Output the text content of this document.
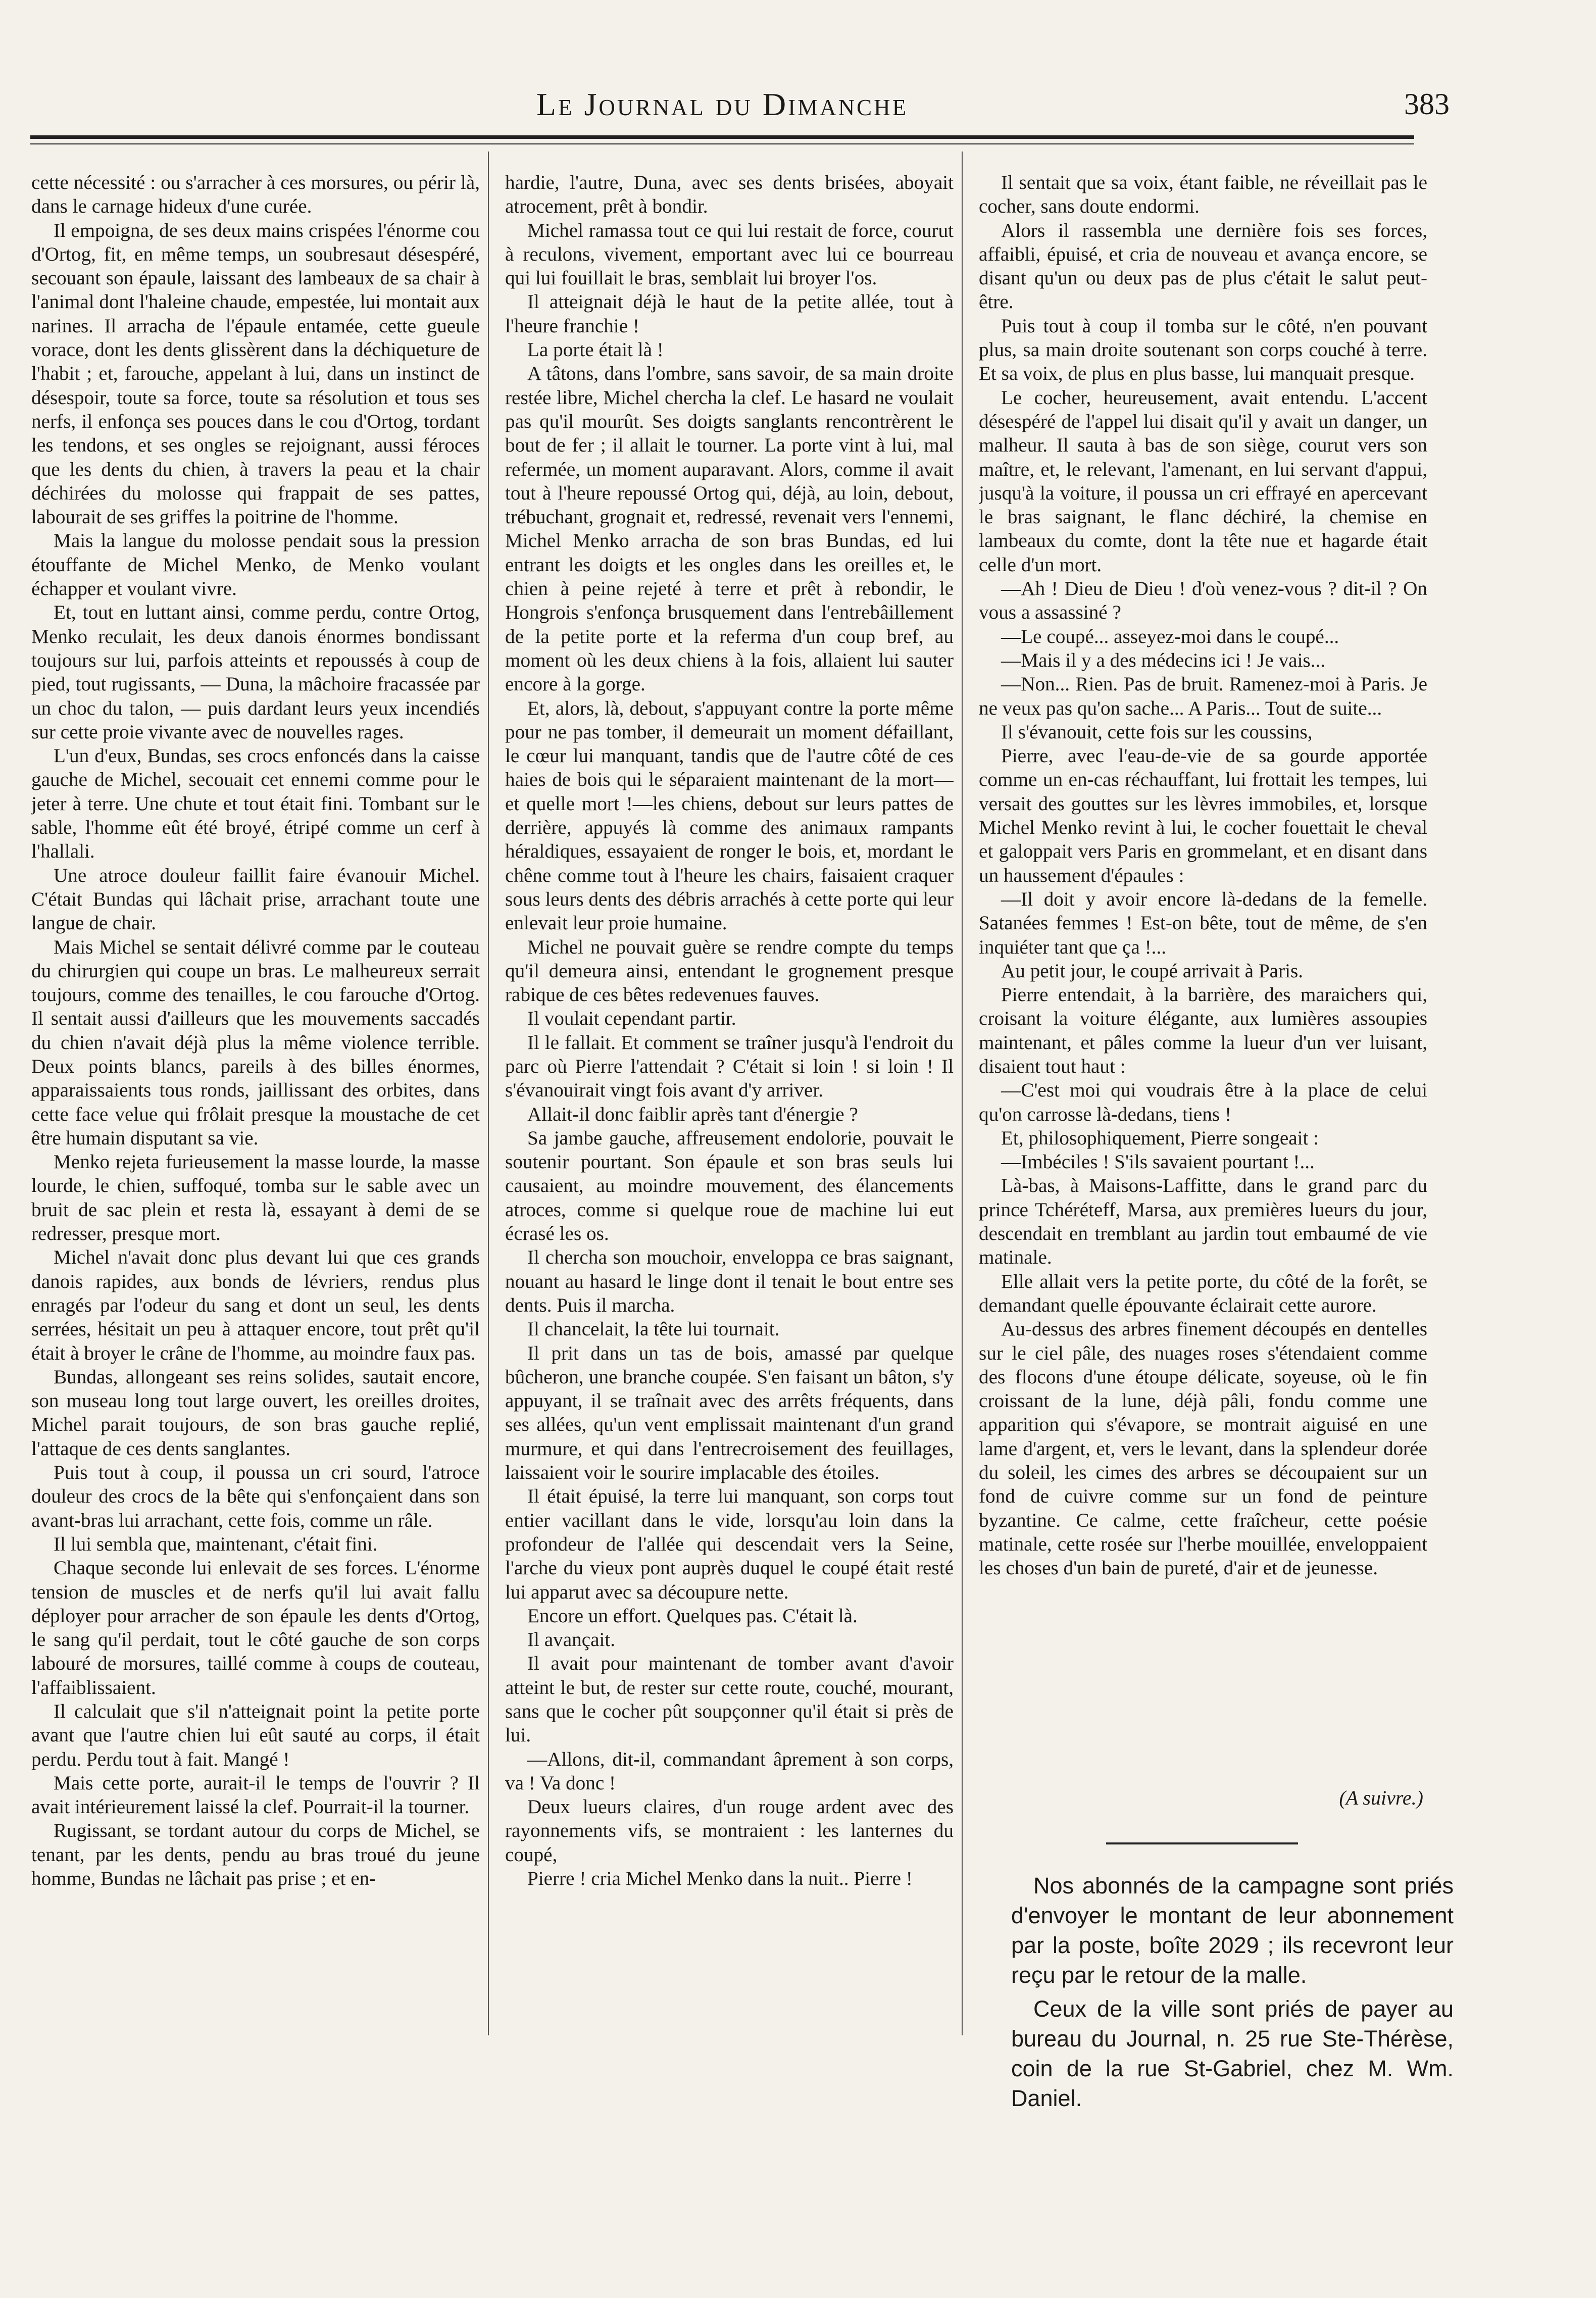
Le Journal du Dimanche	383

cette nécessité : ou s'arracher à ces morsures, ou périr là, dans le carnage hideux d'une curée.

Il empoigna, de ses deux mains crispées l'énorme cou d'Ortog, fit, en même temps, un soubresaut désespéré, secouant son épaule, laissant des lambeaux de sa chair à l'animal dont l'haleine chaude, empestée, lui montait aux narines. Il arracha de l'épaule entamée, cette gueule vorace, dont les dents glissèrent dans la déchiqueture de l'habit ; et, farouche, appelant à lui, dans un instinct de désespoir, toute sa force, toute sa résolution et tous ses nerfs, il enfonça ses pouces dans le cou d'Ortog, tordant les tendons, et ses ongles se rejoignant, aussi féroces que les dents du chien, à travers la peau et la chair déchirées du molosse qui frappait de ses pattes, labourait de ses griffes la poitrine de l'homme.

Mais la langue du molosse pendait sous la pression étouffante de Michel Menko, de Menko voulant échapper et voulant vivre.

Et, tout en luttant ainsi, comme perdu, contre Ortog, Menko reculait, les deux danois énormes bondissant toujours sur lui, parfois atteints et repoussés à coup de pied, tout rugissants, — Duna, la mâchoire fracassée par un choc du talon, — puis dardant leurs yeux incendiés sur cette proie vivante avec de nouvelles rages.

L'un d'eux, Bundas, ses crocs enfoncés dans la caisse gauche de Michel, secouait cet ennemi comme pour le jeter à terre. Une chute et tout était fini. Tombant sur le sable, l'homme eût été broyé, étripé comme un cerf à l'hallali.

Une atroce douleur faillit faire évanouir Michel. C'était Bundas qui lâchait prise, arrachant toute une langue de chair.

Mais Michel se sentait délivré comme par le couteau du chirurgien qui coupe un bras. Le malheureux serrait toujours, comme des tenailles, le cou farouche d'Ortog. Il sentait aussi d'ailleurs que les mouvements saccadés du chien n'avait déjà plus la même violence terrible. Deux points blancs, pareils à des billes énormes, apparaissaients tous ronds, jaillissant des orbites, dans cette face velue qui frôlait presque la moustache de cet être humain disputant sa vie.

Menko rejeta furieusement la masse lourde, la masse lourde, le chien, suffoqué, tomba sur le sable avec un bruit de sac plein et resta là, essayant à demi de se redresser, presque mort.

Michel n'avait donc plus devant lui que ces grands danois rapides, aux bonds de lévriers, rendus plus enragés par l'odeur du sang et dont un seul, les dents serrées, hésitait un peu à attaquer encore, tout prêt qu'il était à broyer le crâne de l'homme, au moindre faux pas.

Bundas, allongeant ses reins solides, sautait encore, son museau long tout large ouvert, les oreilles droites, Michel parait toujours, de son bras gauche replié, l'attaque de ces dents sanglantes.

Puis tout à coup, il poussa un cri sourd, l'atroce douleur des crocs de la bête qui s'enfonçaient dans son avant-bras lui arrachant, cette fois, comme un râle.

Il lui sembla que, maintenant, c'était fini.

Chaque seconde lui enlevait de ses forces. L'énorme tension de muscles et de nerfs qu'il lui avait fallu déployer pour arracher de son épaule les dents d'Ortog, le sang qu'il perdait, tout le côté gauche de son corps labouré de morsures, taillé comme à coups de couteau, l'affaiblissaient.

Il calculait que s'il n'atteignait point la petite porte avant que l'autre chien lui eût sauté au corps, il était perdu. Perdu tout à fait. Mangé !

Mais cette porte, aurait-il le temps de l'ouvrir ? Il avait intérieurement laissé la clef. Pourrait-il la tourner.

Rugissant, se tordant autour du corps de Michel, se tenant, par les dents, pendu au bras troué du jeune homme, Bundas ne lâchait pas prise ; et en-

hardie, l'autre, Duna, avec ses dents brisées, aboyait atrocement, prêt à bondir.

Michel ramassa tout ce qui lui restait de force, courut à reculons, vivement, emportant avec lui ce bourreau qui lui fouillait le bras, semblait lui broyer l'os.

Il atteignait déjà le haut de la petite allée, tout à l'heure franchie !

La porte était là !

A tâtons, dans l'ombre, sans savoir, de sa main droite restée libre, Michel chercha la clef. Le hasard ne voulait pas qu'il mourût. Ses doigts sanglants rencontrèrent le bout de fer ; il allait le tourner. La porte vint à lui, mal refermée, un moment auparavant. Alors, comme il avait tout à l'heure repoussé Ortog qui, déjà, au loin, debout, trébuchant, grognait et, redressé, revenait vers l'ennemi, Michel Menko arracha de son bras Bundas, ed lui entrant les doigts et les ongles dans les oreilles et, le chien à peine rejeté à terre et prêt à rebondir, le Hongrois s'enfonça brusquement dans l'entrebâillement de la petite porte et la referma d'un coup bref, au moment où les deux chiens à la fois, allaient lui sauter encore à la gorge.

Et, alors, là, debout, s'appuyant contre la porte même pour ne pas tomber, il demeurait un moment défaillant, le cœur lui manquant, tandis que de l'autre côté de ces haies de bois qui le séparaient maintenant de la mort—et quelle mort !—les chiens, debout sur leurs pattes de derrière, appuyés là comme des animaux rampants héraldiques, essayaient de ronger le bois, et, mordant le chêne comme tout à l'heure les chairs, faisaient craquer sous leurs dents des débris arrachés à cette porte qui leur enlevait leur proie humaine.

Michel ne pouvait guère se rendre compte du temps qu'il demeura ainsi, entendant le grognement presque rabique de ces bêtes redevenues fauves.

Il voulait cependant partir.

Il le fallait. Et comment se traîner jusqu'à l'endroit du parc où Pierre l'attendait ? C'était si loin ! si loin ! Il s'évanouirait vingt fois avant d'y arriver.

Allait-il donc faiblir après tant d'énergie ?

Sa jambe gauche, affreusement endolorie, pouvait le soutenir pourtant. Son épaule et son bras seuls lui causaient, au moindre mouvement, des élancements atroces, comme si quelque roue de machine lui eut écrasé les os.

Il chercha son mouchoir, enveloppa ce bras saignant, nouant au hasard le linge dont il tenait le bout entre ses dents. Puis il marcha.

Il chancelait, la tête lui tournait.

Il prit dans un tas de bois, amassé par quelque bûcheron, une branche coupée. S'en faisant un bâton, s'y appuyant, il se traînait avec des arrêts fréquents, dans ses allées, qu'un vent emplissait maintenant d'un grand murmure, et qui dans l'entrecroisement des feuillages, laissaient voir le sourire implacable des étoiles.

Il était épuisé, la terre lui manquant, son corps tout entier vacillant dans le vide, lorsqu'au loin dans la profondeur de l'allée qui descendait vers la Seine, l'arche du vieux pont auprès duquel le coupé était resté lui apparut avec sa découpure nette.

Encore un effort. Quelques pas. C'était là.

Il avançait.

Il avait pour maintenant de tomber avant d'avoir atteint le but, de rester sur cette route, couché, mourant, sans que le cocher pût soupçonner qu'il était si près de lui.

—Allons, dit-il, commandant âprement à son corps, va ! Va donc !

Deux lueurs claires, d'un rouge ardent avec des rayonnements vifs, se montraient : les lanternes du coupé,

Pierre ! cria Michel Menko dans la nuit.. Pierre !

Il sentait que sa voix, étant faible, ne réveillait pas le cocher, sans doute endormi.

Alors il rassembla une dernière fois ses forces, affaibli, épuisé, et cria de nouveau et avança encore, se disant qu'un ou deux pas de plus c'était le salut peut-être.

Puis tout à coup il tomba sur le côté, n'en pouvant plus, sa main droite soutenant son corps couché à terre. Et sa voix, de plus en plus basse, lui manquait presque.

Le cocher, heureusement, avait entendu. L'accent désespéré de l'appel lui disait qu'il y avait un danger, un malheur. Il sauta à bas de son siège, courut vers son maître, et, le relevant, l'amenant, en lui servant d'appui, jusqu'à la voiture, il poussa un cri effrayé en apercevant le bras saignant, le flanc déchiré, la chemise en lambeaux du comte, dont la tête nue et hagarde était celle d'un mort.

—Ah ! Dieu de Dieu ! d'où venez-vous ? dit-il ? On vous a assassiné ?

—Le coupé... asseyez-moi dans le coupé...

—Mais il y a des médecins ici ! Je vais...

—Non... Rien. Pas de bruit. Ramenez-moi à Paris. Je ne veux pas qu'on sache... A Paris... Tout de suite...

Il s'évanouit, cette fois sur les coussins,

Pierre, avec l'eau-de-vie de sa gourde apportée comme un en-cas réchauffant, lui frottait les tempes, lui versait des gouttes sur les lèvres immobiles, et, lorsque Michel Menko revint à lui, le cocher fouettait le cheval et galoppait vers Paris en grommelant, et en disant dans un haussement d'épaules :

—Il doit y avoir encore là-dedans de la femelle. Satanées femmes ! Est-on bête, tout de même, de s'en inquiéter tant que ça !...

Au petit jour, le coupé arrivait à Paris.

Pierre entendait, à la barrière, des maraichers qui, croisant la voiture élégante, aux lumières assoupies maintenant, et pâles comme la lueur d'un ver luisant, disaient tout haut :

—C'est moi qui voudrais être à la place de celui qu'on carrosse là-dedans, tiens !

Et, philosophiquement, Pierre songeait :

—Imbéciles ! S'ils savaient pourtant !...

Là-bas, à Maisons-Laffitte, dans le grand parc du prince Tchéréteff, Marsa, aux premières lueurs du jour, descendait en tremblant au jardin tout embaumé de vie matinale.

Elle allait vers la petite porte, du côté de la forêt, se demandant quelle épouvante éclairait cette aurore.

Au-dessus des arbres finement découpés en dentelles sur le ciel pâle, des nuages roses s'étendaient comme des flocons d'une étoupe délicate, soyeuse, où le fin croissant de la lune, déjà pâli, fondu comme une apparition qui s'évapore, se montrait aiguisé en une lame d'argent, et, vers le levant, dans la splendeur dorée du soleil, les cimes des arbres se découpaient sur un fond de cuivre comme sur un fond de peinture byzantine. Ce calme, cette fraîcheur, cette poésie matinale, cette rosée sur l'herbe mouillée, enveloppaient les choses d'un bain de pureté, d'air et de jeunesse.

(A suivre.)

Nos abonnés de la campagne sont priés d'envoyer le montant de leur abonnement par la poste, boîte 2029 ; ils recevront leur reçu par le retour de la malle.

Ceux de la ville sont priés de payer au bureau du Journal, n. 25 rue Ste-Thérèse, coin de la rue St-Gabriel, chez M. Wm. Daniel.
